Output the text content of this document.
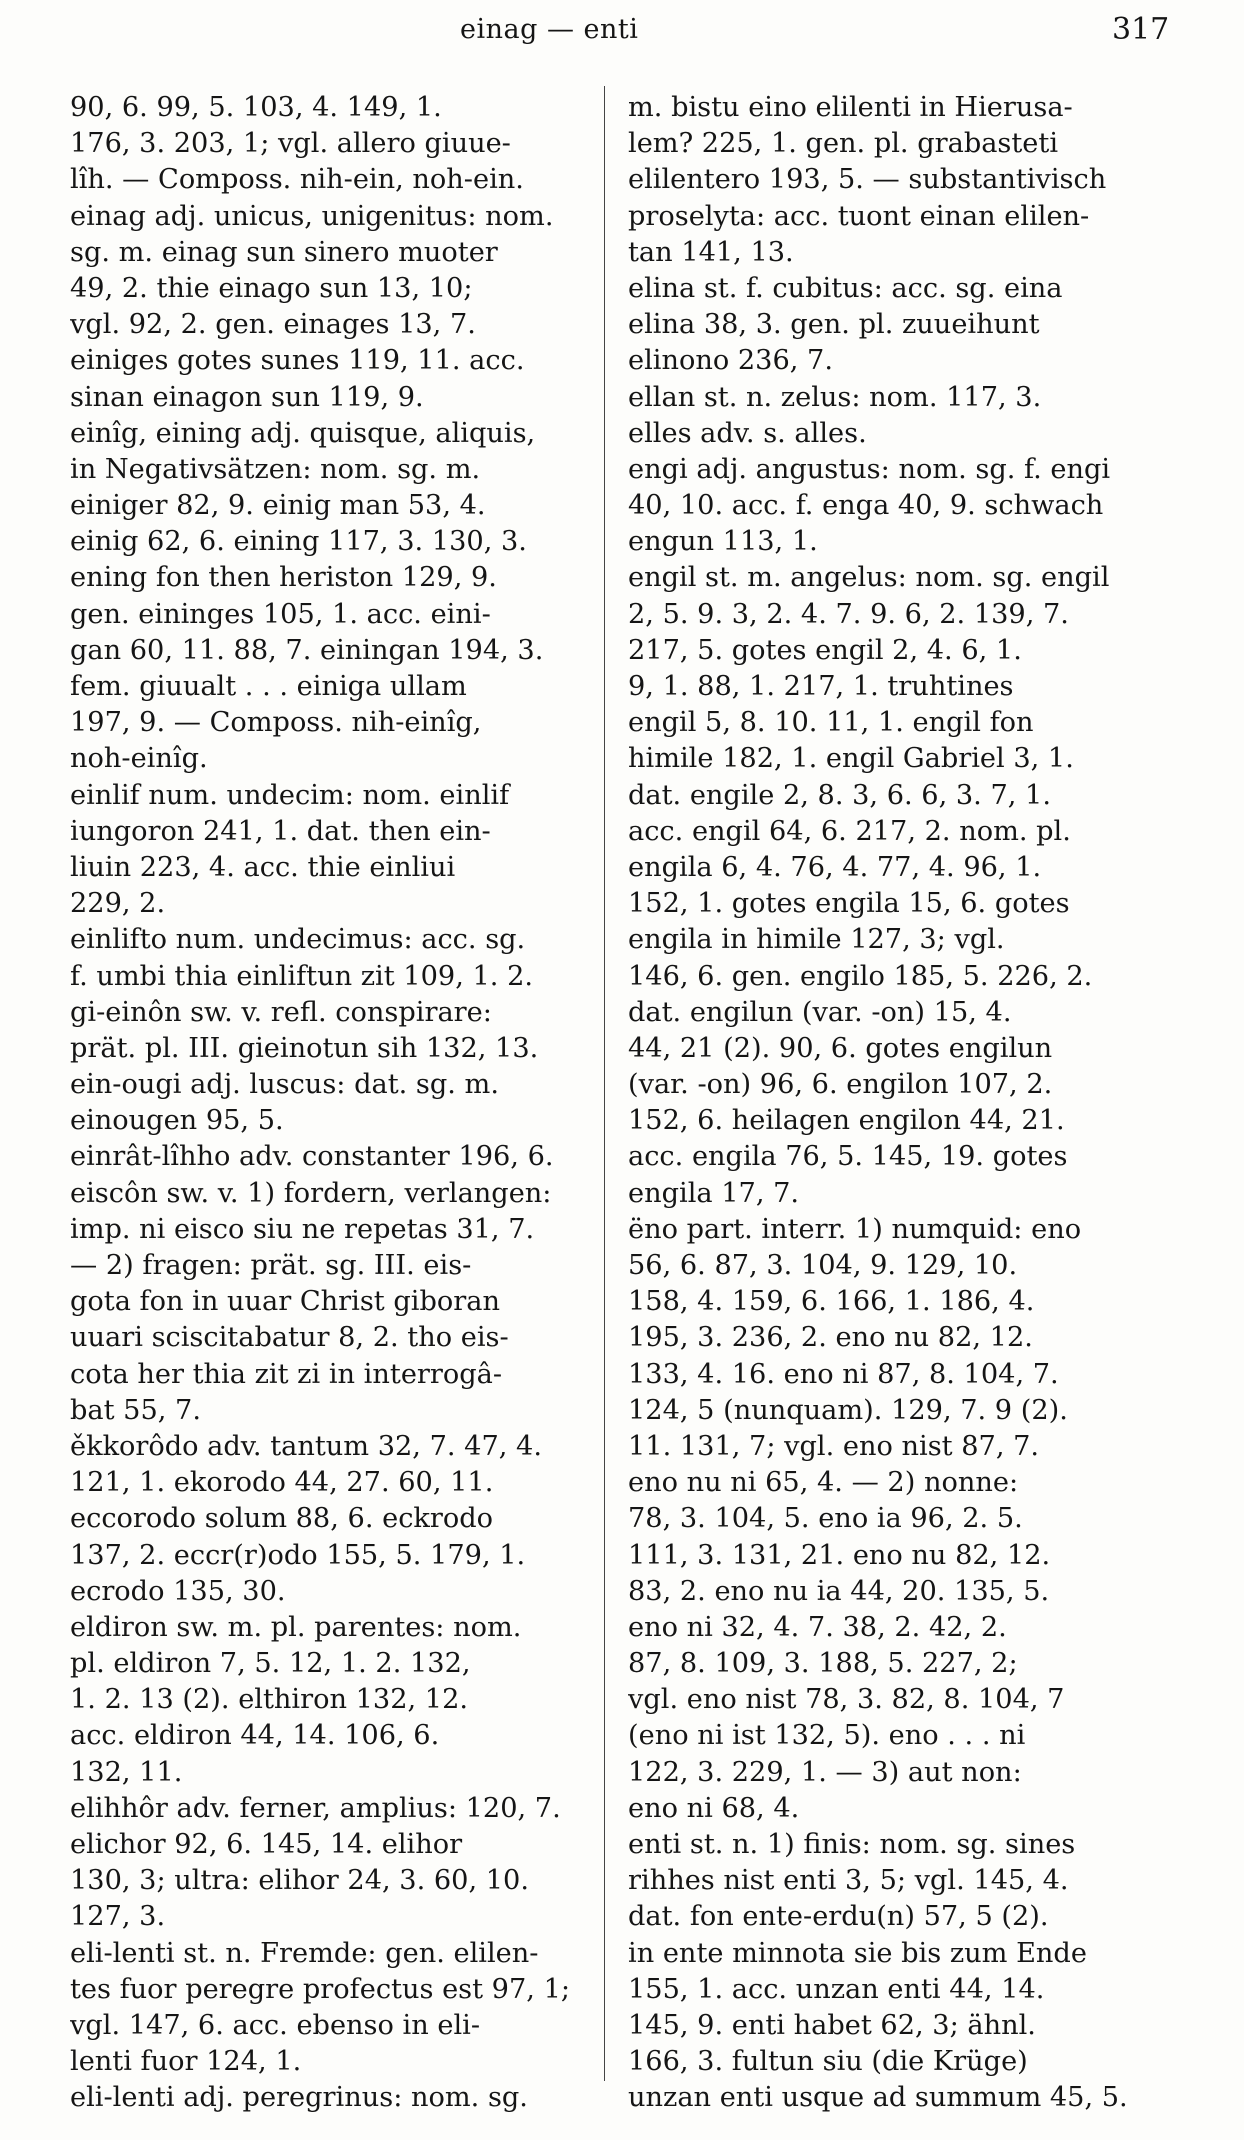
einag — enti	317
90, 6. 99, 5. 103, 4. 149, 1.
176, 3. 203, 1; vgl. allero giuue-
lîh. — Composs. nih-ein, noh-ein.
einag adj. unicus, unigenitus: nom.
sg. m. einag sun sinero muoter
49, 2. thie einago sun 13, 10;
vgl. 92, 2. gen. einages 13, 7.
einiges gotes sunes 119, 11. acc.
sinan einagon sun 119, 9.
einîg, eining adj. quisque, aliquis,
in Negativsätzen: nom. sg. m.
einiger 82, 9. einig man 53, 4.
einig 62, 6. eining 117, 3. 130, 3.
ening fon then heriston 129, 9.
gen. eininges 105, 1. acc. eini-
gan 60, 11. 88, 7. einingan 194, 3.
fem. giuualt . . . einiga ullam
197, 9. — Composs. nih-einîg,
noh-einîg.
einlif num. undecim: nom. einlif
iungoron 241, 1. dat. then ein-
liuin 223, 4. acc. thie einliui
229, 2.
einlifto num. undecimus: acc. sg.
f. umbi thia einliftun zit 109, 1. 2.
gi-einôn sw. v. refl. conspirare:
prät. pl. III. gieinotun sih 132, 13.
ein-ougi adj. luscus: dat. sg. m.
einougen 95, 5.
einrât-lîhho adv. constanter 196, 6.
eiscôn sw. v. 1) fordern, verlangen:
imp. ni eisco siu ne repetas 31, 7.
— 2) fragen: prät. sg. III. eis-
gota fon in uuar Christ giboran
uuari sciscitabatur 8, 2. tho eis-
cota her thia zit zi in interrogâ-
bat 55, 7.
ěkkorôdo adv. tantum 32, 7. 47, 4.
121, 1. ekorodo 44, 27. 60, 11.
eccorodo solum 88, 6. eckrodo
137, 2. eccr(r)odo 155, 5. 179, 1.
ecrodo 135, 30.
eldiron sw. m. pl. parentes: nom.
pl. eldiron 7, 5. 12, 1. 2. 132,
1. 2. 13 (2). elthiron 132, 12.
acc. eldiron 44, 14. 106, 6.
132, 11.
elihhôr adv. ferner, amplius: 120, 7.
elichor 92, 6. 145, 14. elihor
130, 3; ultra: elihor 24, 3. 60, 10.
127, 3.
eli-lenti st. n. Fremde: gen. elilen-
tes fuor peregre profectus est 97, 1;
vgl. 147, 6. acc. ebenso in eli-
lenti fuor 124, 1.
eli-lenti adj. peregrinus: nom. sg.
m. bistu eino elilenti in Hierusa-
lem? 225, 1. gen. pl. grabasteti
elilentero 193, 5. — substantivisch
proselyta: acc. tuont einan elilen-
tan 141, 13.
elina st. f. cubitus: acc. sg. eina
elina 38, 3. gen. pl. zuueihunt
elinono 236, 7.
ellan st. n. zelus: nom. 117, 3.
elles adv. s. alles.
engi adj. angustus: nom. sg. f. engi
40, 10. acc. f. enga 40, 9. schwach
engun 113, 1.
engil st. m. angelus: nom. sg. engil
2, 5. 9. 3, 2. 4. 7. 9. 6, 2. 139, 7.
217, 5. gotes engil 2, 4. 6, 1.
9, 1. 88, 1. 217, 1. truhtines
engil 5, 8. 10. 11, 1. engil fon
himile 182, 1. engil Gabriel 3, 1.
dat. engile 2, 8. 3, 6. 6, 3. 7, 1.
acc. engil 64, 6. 217, 2. nom. pl.
engila 6, 4. 76, 4. 77, 4. 96, 1.
152, 1. gotes engila 15, 6. gotes
engila in himile 127, 3; vgl.
146, 6. gen. engilo 185, 5. 226, 2.
dat. engilun (var. -on) 15, 4.
44, 21 (2). 90, 6. gotes engilun
(var. -on) 96, 6. engilon 107, 2.
152, 6. heilagen engilon 44, 21.
acc. engila 76, 5. 145, 19. gotes
engila 17, 7.
ëno part. interr. 1) numquid: eno
56, 6. 87, 3. 104, 9. 129, 10.
158, 4. 159, 6. 166, 1. 186, 4.
195, 3. 236, 2. eno nu 82, 12.
133, 4. 16. eno ni 87, 8. 104, 7.
124, 5 (nunquam). 129, 7. 9 (2).
11. 131, 7; vgl. eno nist 87, 7.
eno nu ni 65, 4. — 2) nonne:
78, 3. 104, 5. eno ia 96, 2. 5.
111, 3. 131, 21. eno nu 82, 12.
83, 2. eno nu ia 44, 20. 135, 5.
eno ni 32, 4. 7. 38, 2. 42, 2.
87, 8. 109, 3. 188, 5. 227, 2;
vgl. eno nist 78, 3. 82, 8. 104, 7
(eno ni ist 132, 5). eno . . . ni
122, 3. 229, 1. — 3) aut non:
eno ni 68, 4.
enti st. n. 1) finis: nom. sg. sines
rihhes nist enti 3, 5; vgl. 145, 4.
dat. fon ente-erdu(n) 57, 5 (2).
in ente minnota sie bis zum Ende
155, 1. acc. unzan enti 44, 14.
145, 9. enti habet 62, 3; ähnl.
166, 3. fultun siu (die Krüge)
unzan enti usque ad summum 45, 5.
